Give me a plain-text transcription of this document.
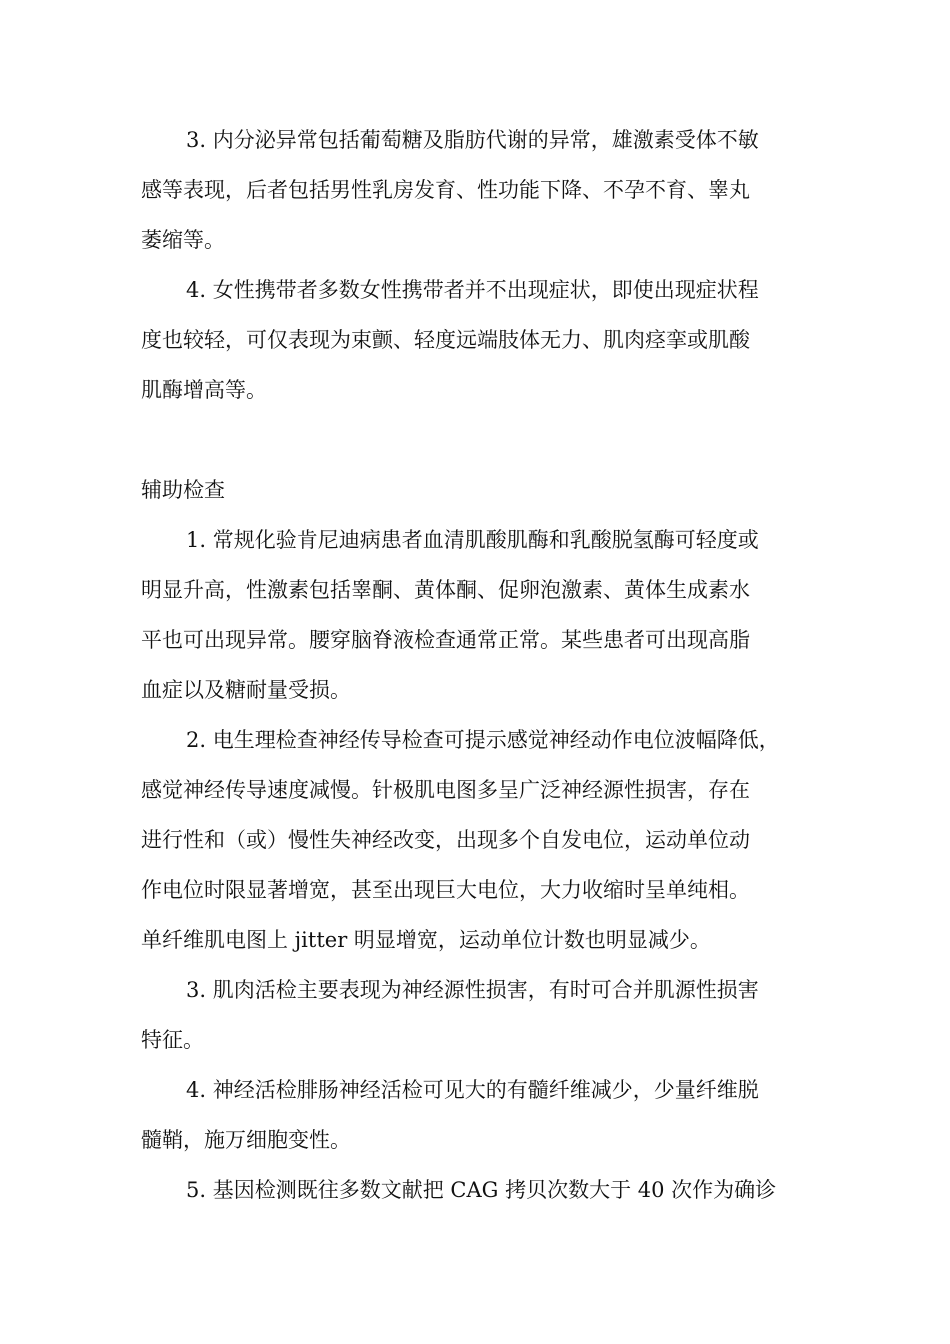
3. 内分泌异常包括葡萄糖及脂肪代谢的异常，雄激素受体不敏
感等表现，后者包括男性乳房发育、性功能下降、不孕不育、睾丸
萎缩等。
4. 女性携带者多数女性携带者并不出现症状，即使出现症状程
度也较轻，可仅表现为束颤、轻度远端肢体无力、肌肉痉挛或肌酸
肌酶增高等。
辅助检查
1. 常规化验肯尼迪病患者血清肌酸肌酶和乳酸脱氢酶可轻度或
明显升高，性激素包括睾酮、黄体酮、促卵泡激素、黄体生成素水
平也可出现异常。腰穿脑脊液检查通常正常。某些患者可出现高脂
血症以及糖耐量受损。
2. 电生理检查神经传导检查可提示感觉神经动作电位波幅降低，
感觉神经传导速度减慢。针极肌电图多呈广泛神经源性损害，存在
进行性和（或）慢性失神经改变，出现多个自发电位，运动单位动
作电位时限显著增宽，甚至出现巨大电位，大力收缩时呈单纯相。
单纤维肌电图上 jitter 明显增宽，运动单位计数也明显减少。
3. 肌肉活检主要表现为神经源性损害，有时可合并肌源性损害
特征。
4. 神经活检腓肠神经活检可见大的有髓纤维减少，少量纤维脱
髓鞘，施万细胞变性。
5. 基因检测既往多数文献把 CAG 拷贝次数大于 40 次作为确诊
